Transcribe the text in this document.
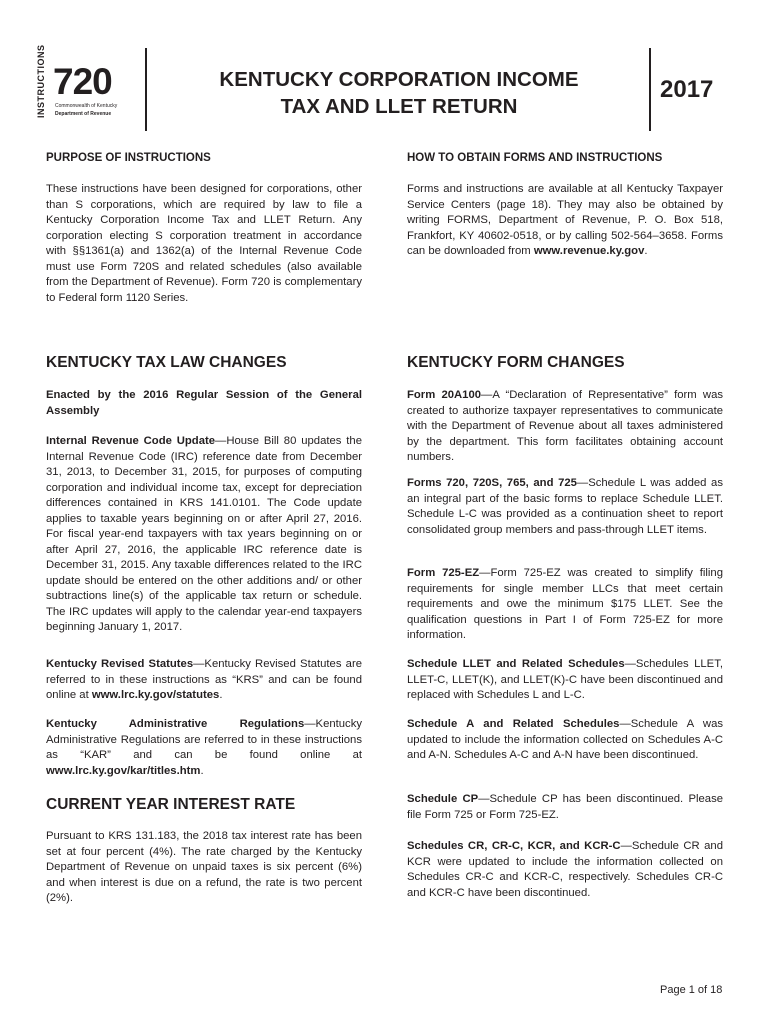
INSTRUCTIONS 720
Commonwealth of Kentucky
Department of Revenue
KENTUCKY CORPORATION INCOME
TAX AND LLET RETURN
2017
PURPOSE OF INSTRUCTIONS

These instructions have been designed for corporations, other than S corporations, which are required by law to file a Kentucky Corporation Income Tax and LLET Return. Any corporation electing S corporation treatment in accordance with §§1361(a) and 1362(a) of the Internal Revenue Code must use Form 720S and related schedules (also available from the Department of Revenue). Form 720 is complementary to Federal form 1120 Series.

KENTUCKY TAX LAW CHANGES

Enacted by the 2016 Regular Session of the General Assembly

Internal Revenue Code Update—House Bill 80 updates the Internal Revenue Code (IRC) reference date from December 31, 2013, to December 31, 2015, for purposes of computing corporation and individual income tax, except for depreciation differences contained in KRS 141.0101. The Code update applies to taxable years beginning on or after April 27, 2016. For fiscal year-end taxpayers with tax years beginning on or after April 27, 2016, the applicable IRC reference date is December 31, 2015. Any taxable differences related to the IRC update should be entered on the other additions and/ or other subtractions line(s) of the applicable tax return or schedule. The IRC updates will apply to the calendar year-end taxpayers beginning January 1, 2017.

Kentucky Revised Statutes—Kentucky Revised Statutes are referred to in these instructions as “KRS” and can be found online at www.lrc.ky.gov/statutes.

Kentucky Administrative Regulations—Kentucky Administrative Regulations are referred to in these instructions as “KAR” and can be found online at www.lrc.ky.gov/kar/titles.htm.

CURRENT YEAR INTEREST RATE

Pursuant to KRS 131.183, the 2018 tax interest rate has been set at four percent (4%). The rate charged by the Kentucky Department of Revenue on unpaid taxes is six percent (6%) and when interest is due on a refund, the rate is two percent (2%).

HOW TO OBTAIN FORMS AND INSTRUCTIONS

Forms and instructions are available at all Kentucky Taxpayer Service Centers (page 18). They may also be obtained by writing FORMS, Department of Revenue, P. O. Box 518, Frankfort, KY 40602-0518, or by calling 502-564–3658. Forms can be downloaded from www.revenue.ky.gov.

KENTUCKY FORM CHANGES

Form 20A100—A “Declaration of Representative” form was created to authorize taxpayer representatives to communicate with the Department of Revenue about all taxes administered by the department. This form facilitates obtaining account numbers.

Forms 720, 720S, 765, and 725—Schedule L was added as an integral part of the basic forms to replace Schedule LLET. Schedule L-C was provided as a continuation sheet to report consolidated group members and pass-through LLET items.

Form 725-EZ—Form 725-EZ was created to simplify filing requirements for single member LLCs that meet certain requirements and owe the minimum $175 LLET. See the qualification questions in Part I of Form 725-EZ for more information.

Schedule LLET and Related Schedules—Schedules LLET, LLET-C, LLET(K), and LLET(K)-C have been discontinued and replaced with Schedules L and L-C.

Schedule A and Related Schedules—Schedule A was updated to include the information collected on Schedules A-C and A-N. Schedules A-C and A-N have been discontinued.

Schedule CP—Schedule CP has been discontinued. Please file Form 725 or Form 725-EZ.

Schedules CR, CR-C, KCR, and KCR-C—Schedule CR and KCR were updated to include the information collected on Schedules CR-C and KCR-C, respectively. Schedules CR-C and KCR-C have been discontinued.

Page 1 of 18
